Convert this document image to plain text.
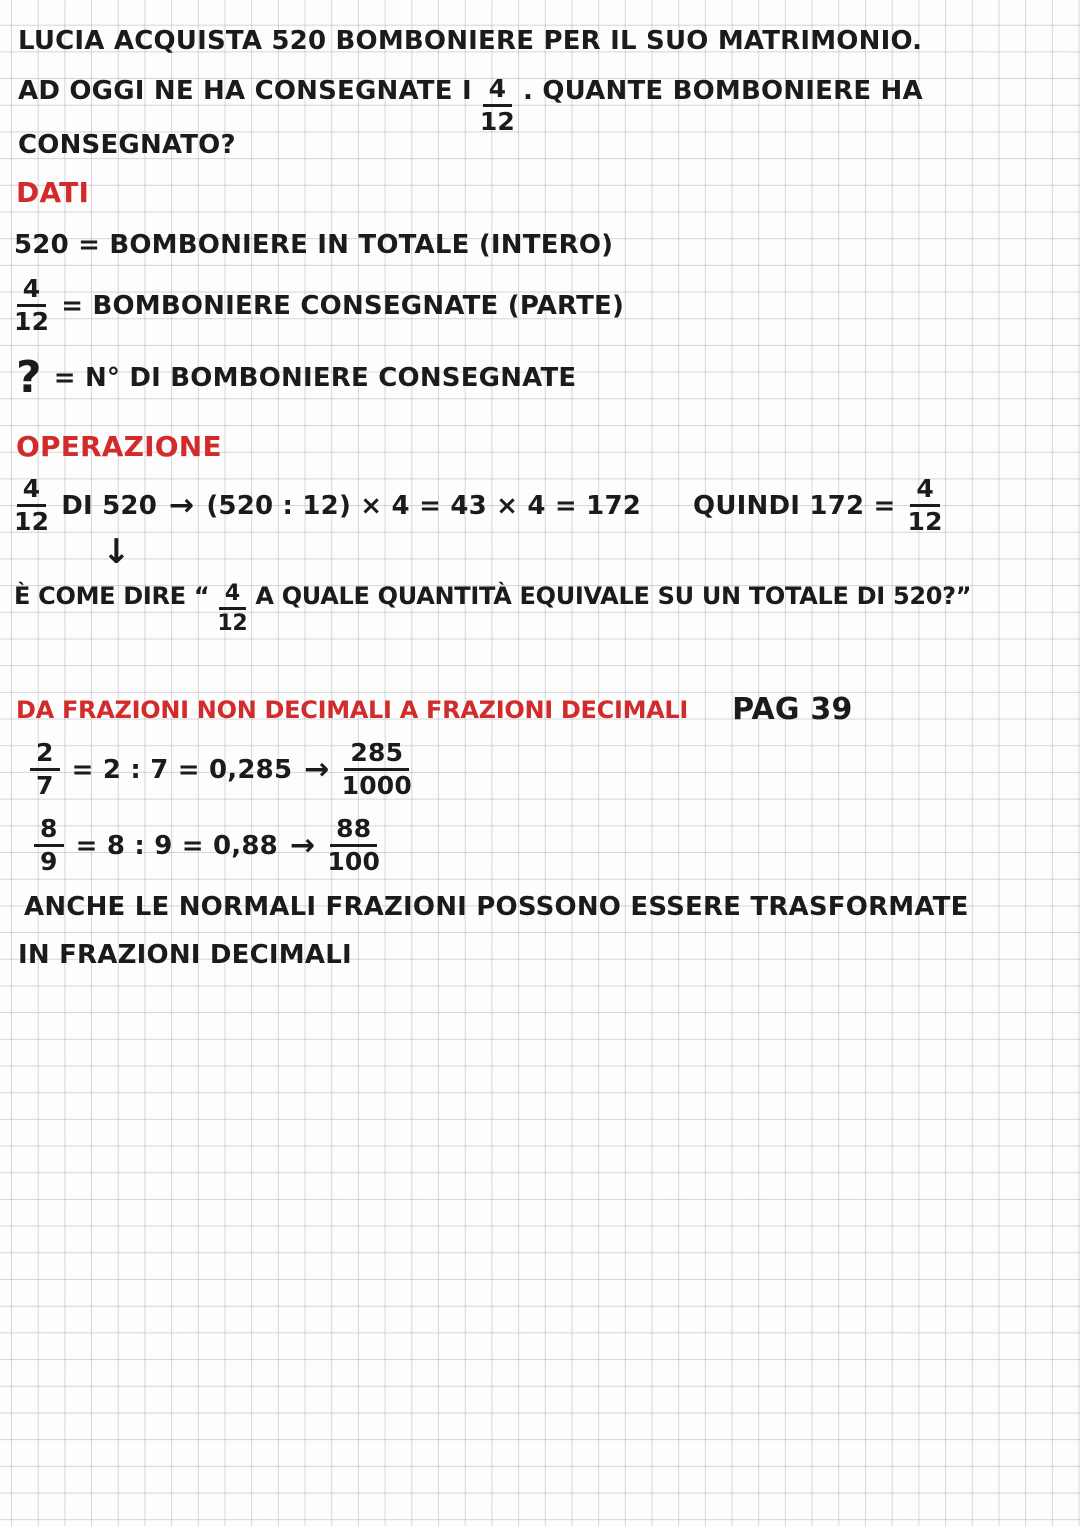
LUCIA ACQUISTA 520 BOMBONIERE PER IL SUO MATRIMONIO.
AD OGGI NE HA CONSEGNATE I $\frac{4}{12}$ . QUANTE BOMBONIERE HA
CONSEGNATO?
DATI
520 = BOMBONIERE IN TOTALE (INTERO)
$\frac{4}{12}$ = BOMBONIERE CONSEGNATE (PARTE)
? = N° DI BOMBONIERE CONSEGNATE
OPERAZIONE
$\frac{4}{12}$ DI 520 → (520 : 12) × 4 = 43 × 4 = 172 QUINDI $172 = \frac{4}{12}$
↓
È COME DIRE “ $\frac{4}{12}$ A QUALE QUANTITÀ EQUIVALE SU UN TOTALE DI 520?”
DA FRAZIONI NON DECIMALI A FRAZIONI DECIMALI PAG 39
$\frac{2}{7} = 2$ : $7 = 0,285 \to \frac{285}{1000}$
$\frac{8}{9} = 8$ : $9 = 0,88 \to \frac{88}{100}$
ANCHE LE NORMALI FRAZIONI POSSONO ESSERE TRASFORMATE
IN FRAZIONI DECIMALI
